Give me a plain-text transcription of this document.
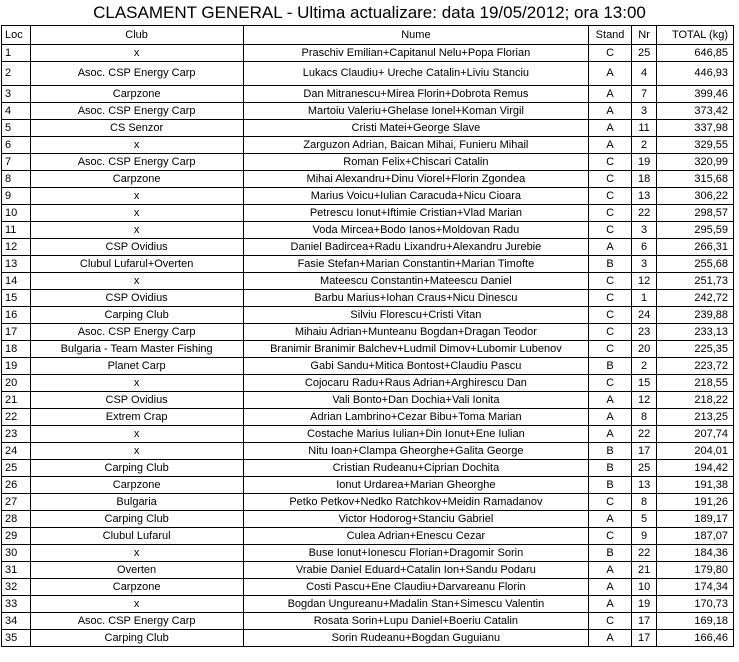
CLASAMENT GENERAL - Ultima actualizare: data 19/05/2012; ora 13:00
Loc	Club	Nume	Stand	Nr	TOTAL (kg)
1	x	Praschiv Emilian+Capitanul Nelu+Popa Florian	C	25	646,85
2	Asoc. CSP Energy Carp	Lukacs Claudiu+ Ureche Catalin+Liviu Stanciu	A	4	446,93
3	Carpzone	Dan Mitranescu+Mirea Florin+Dobrota Remus	A	7	399,46
4	Asoc. CSP Energy Carp	Martoiu Valeriu+Ghelase Ionel+Koman Virgil	A	3	373,42
5	CS Senzor	Cristi Matei+George Slave	A	11	337,98
6	x	Zarguzon Adrian, Baican Mihai, Funieru Mihail	A	2	329,55
7	Asoc. CSP Energy Carp	Roman Felix+Chiscari Catalin	C	19	320,99
8	Carpzone	Mihai Alexandru+Dinu Viorel+Florin Zgondea	C	18	315,68
9	x	Marius Voicu+Iulian Caracuda+Nicu Cioara	C	13	306,22
10	x	Petrescu Ionut+Iftimie Cristian+Vlad Marian	C	22	298,57
11	x	Voda Mircea+Bodo Ianos+Moldovan Radu	C	3	295,59
12	CSP Ovidius	Daniel Badircea+Radu Lixandru+Alexandru Jurebie	A	6	266,31
13	Clubul Lufarul+Overten	Fasie Stefan+Marian Constantin+Marian Timofte	B	3	255,68
14	x	Mateescu Constantin+Mateescu Daniel	C	12	251,73
15	CSP Ovidius	Barbu Marius+Iohan Craus+Nicu Dinescu	C	1	242,72
16	Carping Club	Silviu Florescu+Cristi Vitan	C	24	239,88
17	Asoc. CSP Energy Carp	Mihaiu Adrian+Munteanu Bogdan+Dragan Teodor	C	23	233,13
18	Bulgaria - Team Master Fishing	Branimir Branimir Balchev+Ludmil Dimov+Lubomir Lubenov	C	20	225,35
19	Planet Carp	Gabi Sandu+Mitica Bontost+Claudiu Pascu	B	2	223,72
20	x	Cojocaru Radu+Raus Adrian+Arghirescu Dan	C	15	218,55
21	CSP Ovidius	Vali Bonto+Dan Dochia+Vali Ionita	A	12	218,22
22	Extrem Crap	Adrian Lambrino+Cezar Bibu+Toma Marian	A	8	213,25
23	x	Costache Marius Iulian+Din Ionut+Ene Iulian	A	22	207,74
24	x	Nitu Ioan+Clampa Gheorghe+Galita George	B	17	204,01
25	Carping Club	Cristian Rudeanu+Ciprian Dochita	B	25	194,42
26	Carpzone	Ionut Urdarea+Marian Gheorghe	B	13	191,38
27	Bulgaria	Petko Petkov+Nedko Ratchkov+Meidin Ramadanov	C	8	191,26
28	Carping Club	Victor Hodorog+Stanciu Gabriel	A	5	189,17
29	Clubul Lufarul	Culea Adrian+Enescu Cezar	C	9	187,07
30	x	Buse Ionut+Ionescu Florian+Dragomir Sorin	B	22	184,36
31	Overten	Vrabie Daniel Eduard+Catalin Ion+Sandu Podaru	A	21	179,80
32	Carpzone	Costi Pascu+Ene Claudiu+Darvareanu Florin	A	10	174,34
33	x	Bogdan Ungureanu+Madalin Stan+Simescu Valentin	A	19	170,73
34	Asoc. CSP Energy Carp	Rosata Sorin+Lupu Daniel+Boeriu Catalin	C	17	169,18
35	Carping Club	Sorin Rudeanu+Bogdan Guguianu	A	17	166,46
